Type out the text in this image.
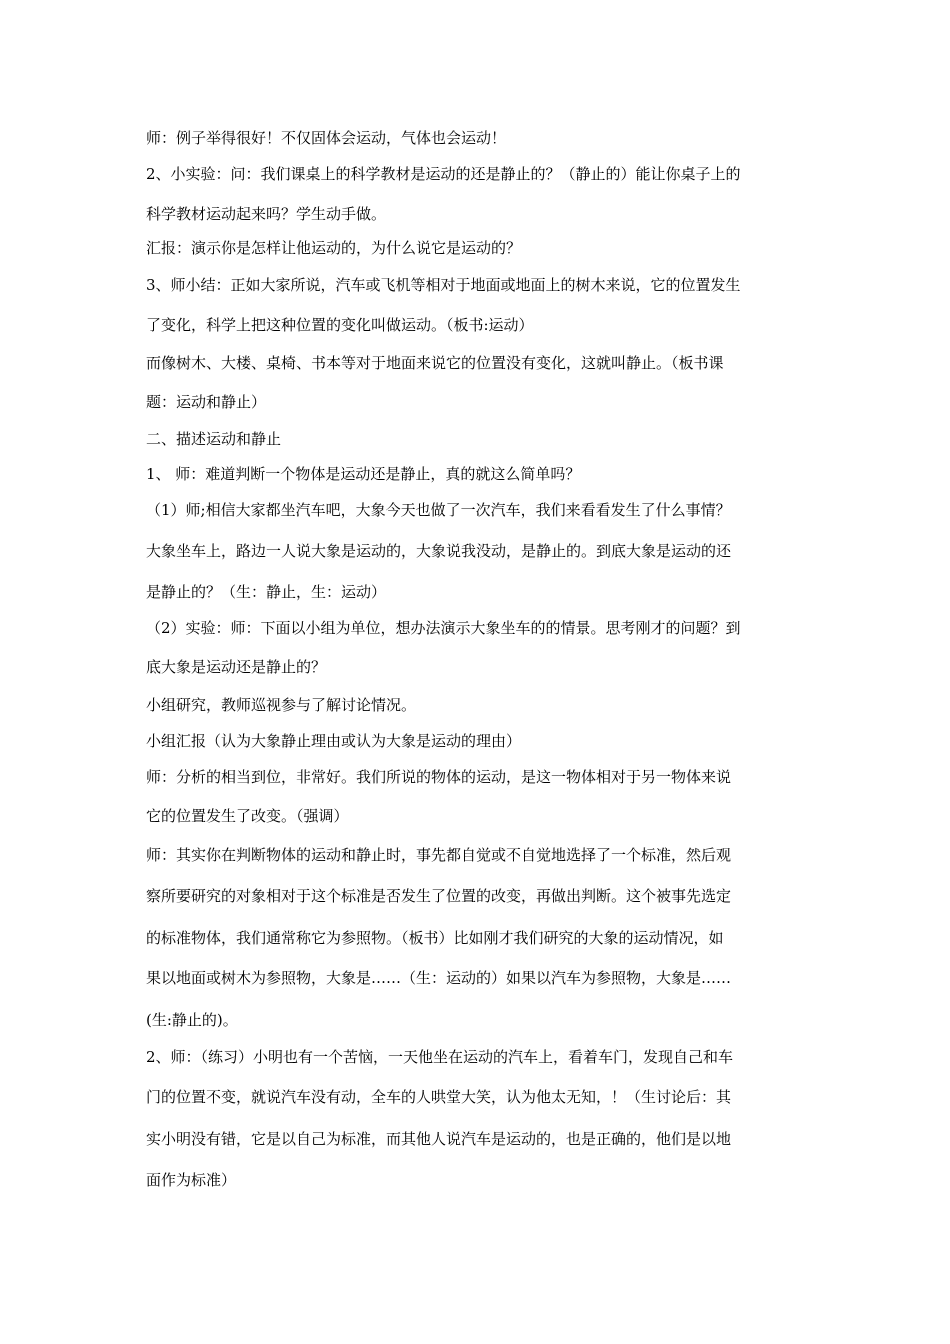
师：例子举得很好！不仅固体会运动，气体也会运动！
2、小实验：问：我们课桌上的科学教材是运动的还是静止的？（静止的）能让你桌子上的
科学教材运动起来吗？学生动手做。
汇报：演示你是怎样让他运动的，为什么说它是运动的？
3、师小结：正如大家所说，汽车或飞机等相对于地面或地面上的树木来说，它的位置发生
了变化，科学上把这种位置的变化叫做运动。（板书:运动）
而像树木、大楼、桌椅、书本等对于地面来说它的位置没有变化，这就叫静止。（板书课
题：运动和静止）
二、描述运动和静止
1、 师：难道判断一个物体是运动还是静止，真的就这么简单吗？
（1）师;相信大家都坐汽车吧，大象今天也做了一次汽车，我们来看看发生了什么事情？
大象坐车上，路边一人说大象是运动的，大象说我没动，是静止的。到底大象是运动的还
是静止的？（生：静止，生：运动）
（2）实验：师：下面以小组为单位，想办法演示大象坐车的的情景。思考刚才的问题？到
底大象是运动还是静止的？
小组研究，教师巡视参与了解讨论情况。
小组汇报（认为大象静止理由或认为大象是运动的理由）
师：分析的相当到位，非常好。我们所说的物体的运动，是这一物体相对于另一物体来说
它的位置发生了改变。（强调）
师：其实你在判断物体的运动和静止时，事先都自觉或不自觉地选择了一个标准，然后观
察所要研究的对象相对于这个标准是否发生了位置的改变，再做出判断。这个被事先选定
的标准物体，我们通常称它为参照物。（板书）比如刚才我们研究的大象的运动情况，如
果以地面或树木为参照物，大象是……（生：运动的）如果以汽车为参照物，大象是……
(生:静止的)。
2、师：（练习）小明也有一个苦恼，一天他坐在运动的汽车上，看着车门，发现自己和车
门的位置不变，就说汽车没有动，全车的人哄堂大笑，认为他太无知，！（生讨论后：其
实小明没有错，它是以自己为标准，而其他人说汽车是运动的，也是正确的，他们是以地
面作为标准）
